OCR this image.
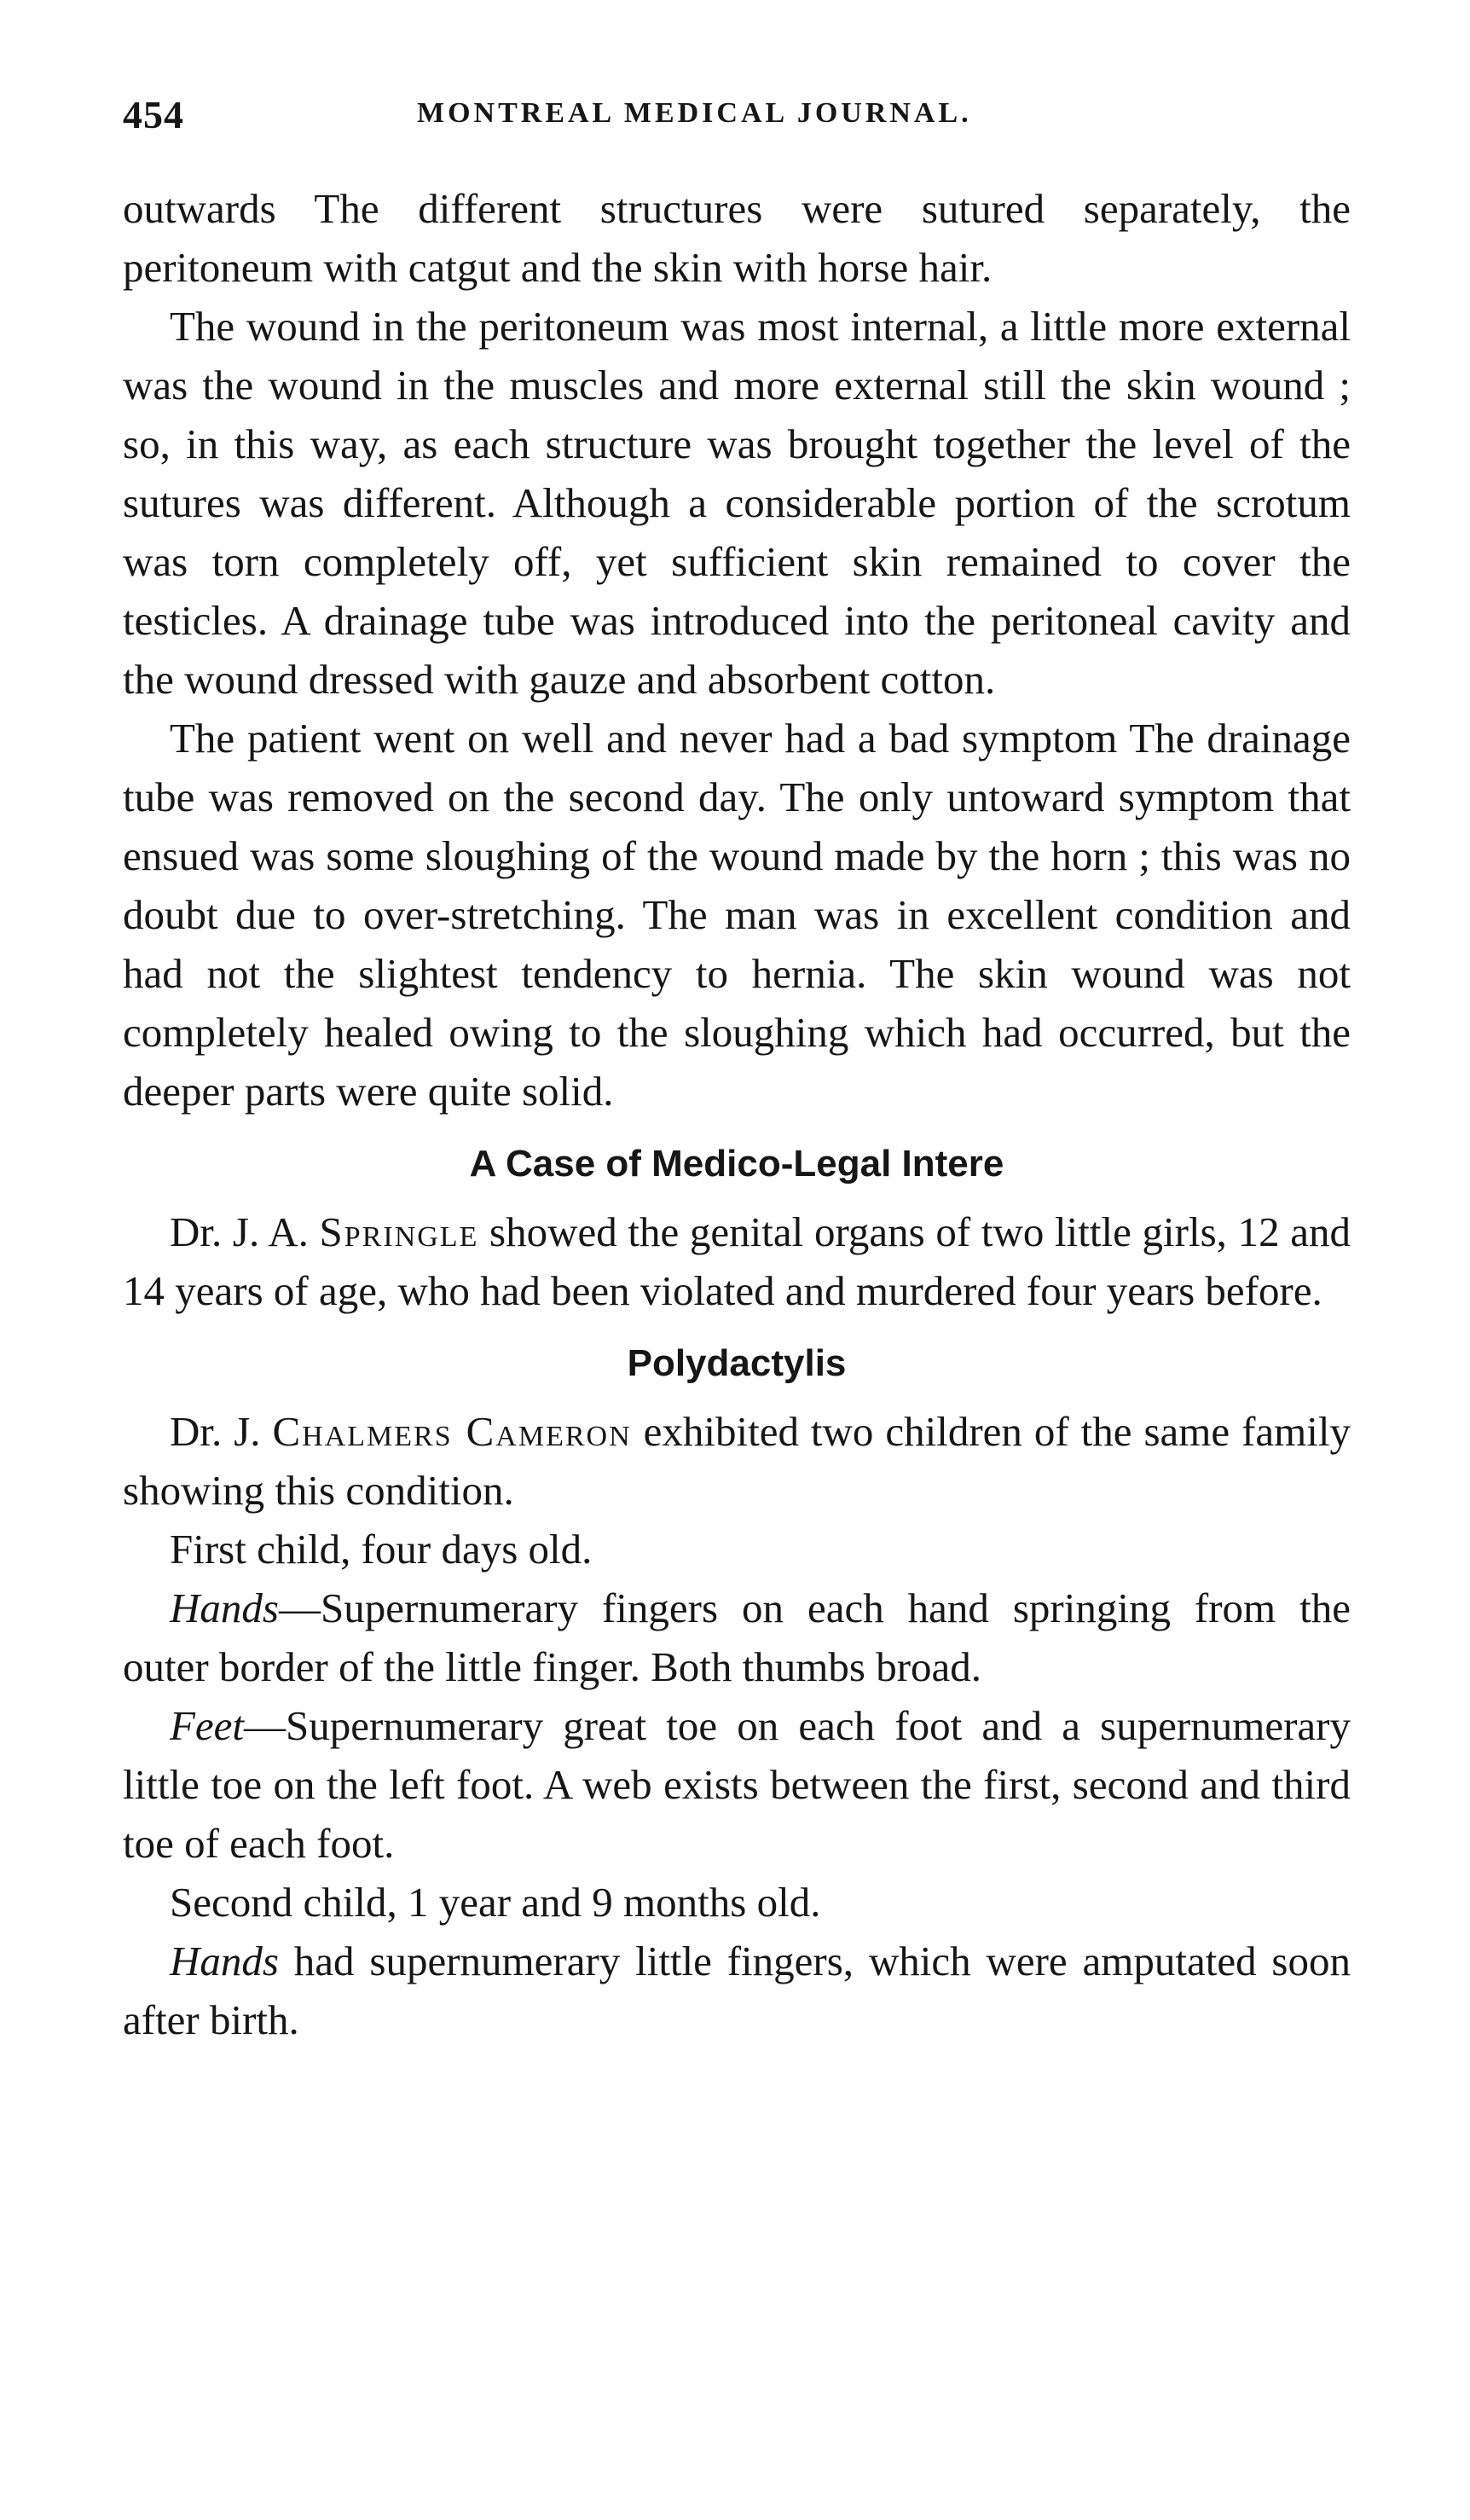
454	MONTREAL MEDICAL JOURNAL.

outwards The different structures were sutured separately, the peritoneum with catgut and the skin with horse hair.

The wound in the peritoneum was most internal, a little more external was the wound in the muscles and more external still the skin wound ; so, in this way, as each structure was brought together the level of the sutures was different. Although a considerable portion of the scrotum was torn completely off, yet sufficient skin remained to cover the testicles. A drainage tube was introduced into the peritoneal cavity and the wound dressed with gauze and absorbent cotton.

The patient went on well and never had a bad symptom The drainage tube was removed on the second day. The only untoward symptom that ensued was some sloughing of the wound made by the horn ; this was no doubt due to over-stretching. The man was in excellent condition and had not the slightest tendency to hernia. The skin wound was not completely healed owing to the sloughing which had occurred, but the deeper parts were quite solid.

A Case of Medico-Legal Intere

Dr. J. A. Springle showed the genital organs of two little girls, 12 and 14 years of age, who had been violated and murdered four years before.

Polydactylis

Dr. J. Chalmers Cameron exhibited two children of the same family showing this condition.

First child, four days old.

Hands—Supernumerary fingers on each hand springing from the outer border of the little finger. Both thumbs broad.

Feet—Supernumerary great toe on each foot and a supernumerary little toe on the left foot. A web exists between the first, second and third toe of each foot.

Second child, 1 year and 9 months old.

Hands had supernumerary little fingers, which were amputated soon after birth.
